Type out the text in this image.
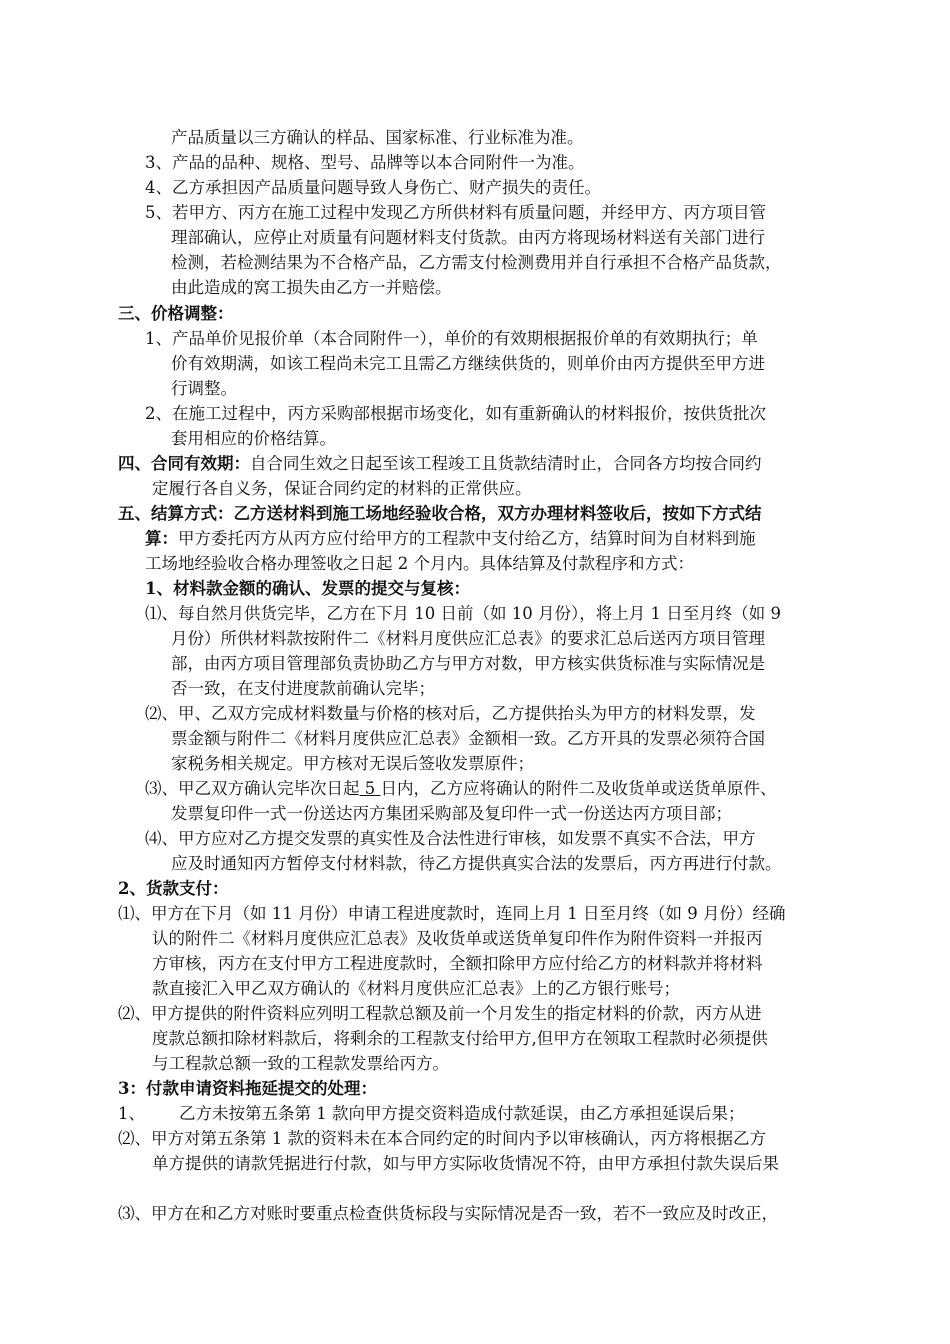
产品质量以三方确认的样品、国家标准、行业标准为准。
3、产品的品种、规格、型号、品牌等以本合同附件一为准。
4、乙方承担因产品质量问题导致人身伤亡、财产损失的责任。
5、若甲方、丙方在施工过程中发现乙方所供材料有质量问题，并经甲方、丙方项目管
理部确认，应停止对质量有问题材料支付货款。由丙方将现场材料送有关部门进行
检测，若检测结果为不合格产品，乙方需支付检测费用并自行承担不合格产品货款，
由此造成的窝工损失由乙方一并赔偿。
三、价格调整：
1、产品单价见报价单（本合同附件一），单价的有效期根据报价单的有效期执行；单
价有效期满，如该工程尚未完工且需乙方继续供货的，则单价由丙方提供至甲方进
行调整。
2、在施工过程中，丙方采购部根据市场变化，如有重新确认的材料报价，按供货批次
套用相应的价格结算。
四、合同有效期：自合同生效之日起至该工程竣工且货款结清时止，合同各方均按合同约
定履行各自义务，保证合同约定的材料的正常供应。
五、结算方式：乙方送材料到施工场地经验收合格，双方办理材料签收后，按如下方式结
算：甲方委托丙方从丙方应付给甲方的工程款中支付给乙方，结算时间为自材料到施
工场地经验收合格办理签收之日起 2 个月内。具体结算及付款程序和方式：
1、材料款金额的确认、发票的提交与复核：
⑴、每自然月供货完毕，乙方在下月 10 日前（如 10 月份），将上月 1 日至月终（如 9
月份）所供材料款按附件二《材料月度供应汇总表》的要求汇总后送丙方项目管理
部，由丙方项目管理部负责协助乙方与甲方对数，甲方核实供货标准与实际情况是
否一致，在支付进度款前确认完毕；
⑵、甲、乙双方完成材料数量与价格的核对后，乙方提供抬头为甲方的材料发票，发
票金额与附件二《材料月度供应汇总表》金额相一致。乙方开具的发票必须符合国
家税务相关规定。甲方核对无误后签收发票原件；
⑶、甲乙双方确认完毕次日起 5 日内，乙方应将确认的附件二及收货单或送货单原件、
发票复印件一式一份送达丙方集团采购部及复印件一式一份送达丙方项目部；
⑷、甲方应对乙方提交发票的真实性及合法性进行审核，如发票不真实不合法，甲方
应及时通知丙方暂停支付材料款，待乙方提供真实合法的发票后，丙方再进行付款。
2、货款支付：
⑴、甲方在下月（如 11 月份）申请工程进度款时，连同上月 1 日至月终（如 9 月份）经确
认的附件二《材料月度供应汇总表》及收货单或送货单复印件作为附件资料一并报丙
方审核，丙方在支付甲方工程进度款时，全额扣除甲方应付给乙方的材料款并将材料
款直接汇入甲乙双方确认的《材料月度供应汇总表》上的乙方银行账号；
⑵、甲方提供的附件资料应列明工程款总额及前一个月发生的指定材料的价款，丙方从进
度款总额扣除材料款后，将剩余的工程款支付给甲方,但甲方在领取工程款时必须提供
与工程款总额一致的工程款发票给丙方。
3：付款申请资料拖延提交的处理：
1、 乙方未按第五条第 1 款向甲方提交资料造成付款延误，由乙方承担延误后果；
⑵、甲方对第五条第 1 款的资料未在本合同约定的时间内予以审核确认，丙方将根据乙方
单方提供的请款凭据进行付款，如与甲方实际收货情况不符，由甲方承担付款失误后果
⑶、甲方在和乙方对账时要重点检查供货标段与实际情况是否一致，若不一致应及时改正，
